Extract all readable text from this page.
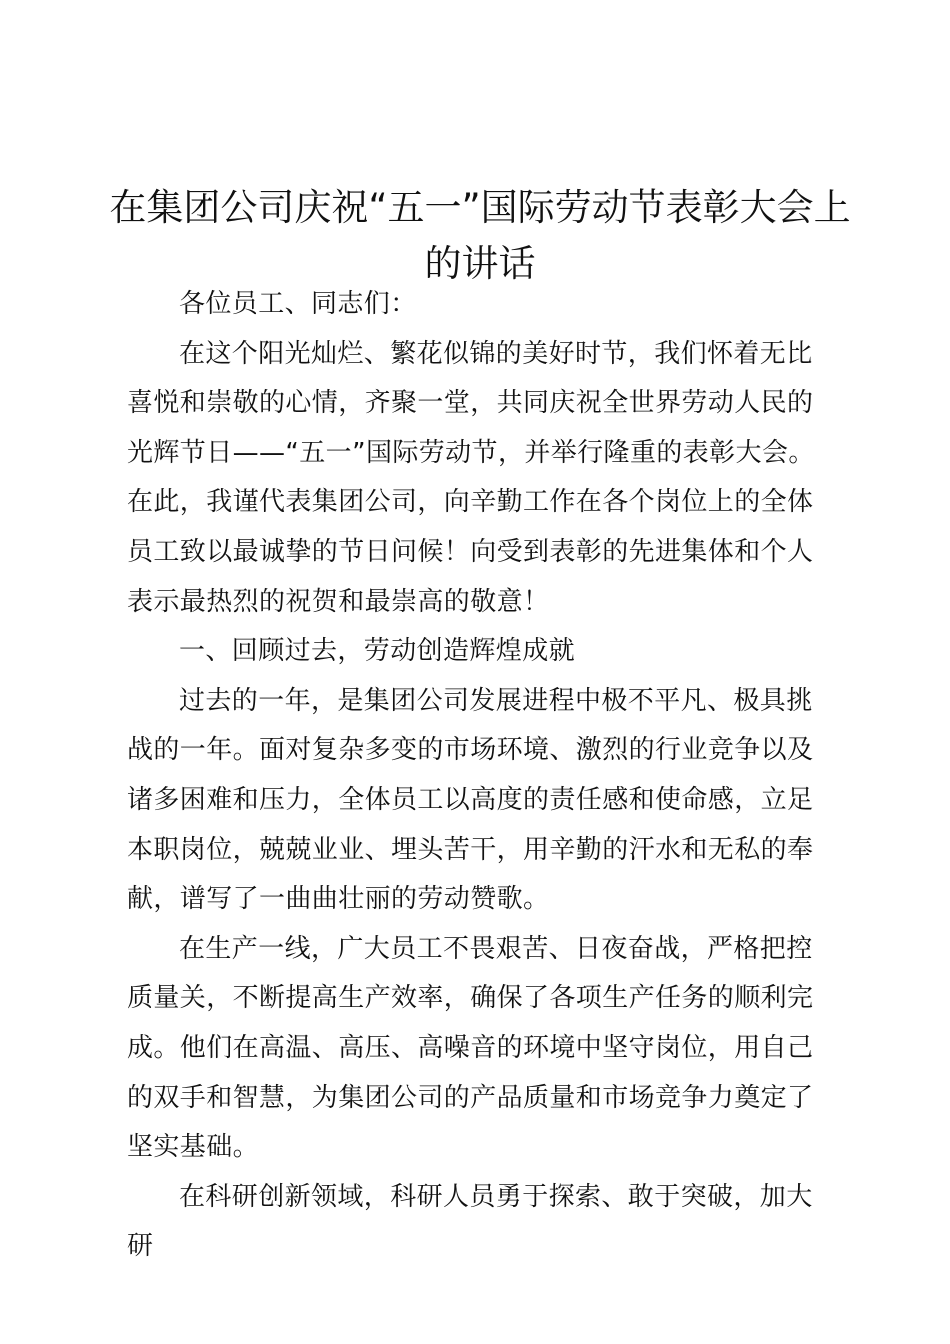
在集团公司庆祝“五一”国际劳动节表彰大会上的讲话

各位员工、同志们：

在这个阳光灿烂、繁花似锦的美好时节，我们怀着无比喜悦和崇敬的心情，齐聚一堂，共同庆祝全世界劳动人民的光辉节日——“五一”国际劳动节，并举行隆重的表彰大会。在此，我谨代表集团公司，向辛勤工作在各个岗位上的全体员工致以最诚挚的节日问候！向受到表彰的先进集体和个人表示最热烈的祝贺和最崇高的敬意！

一、回顾过去，劳动创造辉煌成就

过去的一年，是集团公司发展进程中极不平凡、极具挑战的一年。面对复杂多变的市场环境、激烈的行业竞争以及诸多困难和压力，全体员工以高度的责任感和使命感，立足本职岗位，兢兢业业、埋头苦干，用辛勤的汗水和无私的奉献，谱写了一曲曲壮丽的劳动赞歌。

在生产一线，广大员工不畏艰苦、日夜奋战，严格把控质量关，不断提高生产效率，确保了各项生产任务的顺利完成。他们在高温、高压、高噪音的环境中坚守岗位，用自己的双手和智慧，为集团公司的产品质量和市场竞争力奠定了坚实基础。

在科研创新领域，科研人员勇于探索、敢于突破，加大研
